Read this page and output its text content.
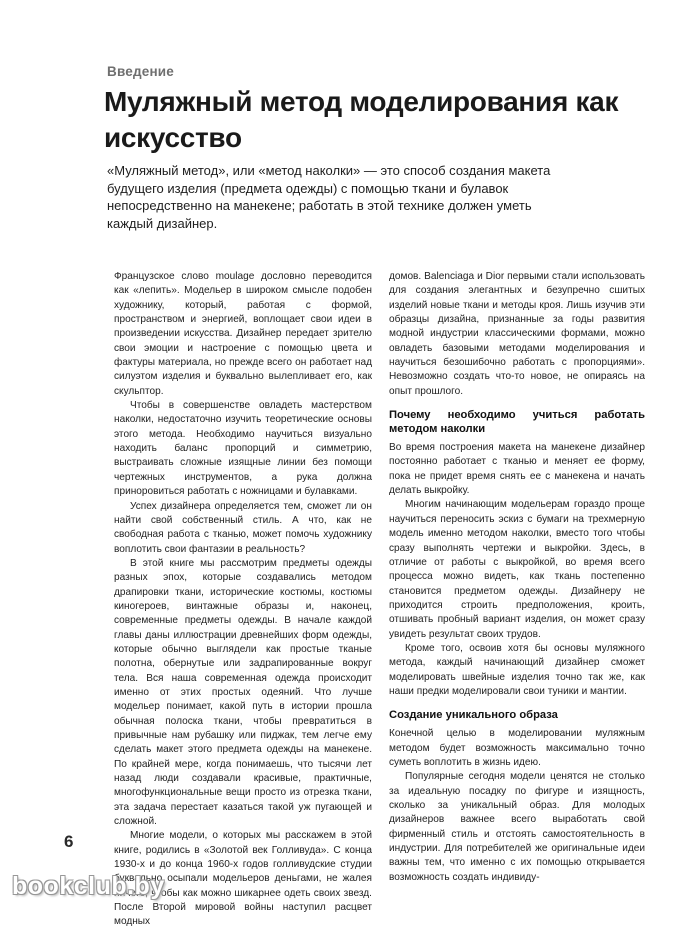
Введение
Муляжный метод моделирования как искусство
«Муляжный метод», или «метод наколки» — это способ создания макета будущего изделия (предмета одежды) с помощью ткани и булавок непосредственно на манекене; работать в этой технике должен уметь каждый дизайнер.

Французское слово moulage дословно переводится как «лепить». Модельер в широком смысле подобен художнику, который, работая с формой, пространством и энергией, воплощает свои идеи в произведении искусства. Дизайнер передает зрителю свои эмоции и настроение с помощью цвета и фактуры материала, но прежде всего он работает над силуэтом изделия и буквально вылепливает его, как скульптор.

Чтобы в совершенстве овладеть мастерством наколки, недостаточно изучить теоретические основы этого метода. Необходимо научиться визуально находить баланс пропорций и симметрию, выстраивать сложные изящные линии без помощи чертежных инструментов, а рука должна приноровиться работать с ножницами и булавками.

Успех дизайнера определяется тем, сможет ли он найти свой собственный стиль. А что, как не свободная работа с тканью, может помочь художнику воплотить свои фантазии в реальность?

В этой книге мы рассмотрим предметы одежды разных эпох, которые создавались методом драпировки ткани, исторические костюмы, костюмы киногероев, винтажные образы и, наконец, современные предметы одежды. В начале каждой главы даны иллюстрации древнейших форм одежды, которые обычно выглядели как простые тканые полотна, обернутые или задрапированные вокруг тела. Вся наша современная одежда происходит именно от этих простых одеяний. Что лучше модельер понимает, какой путь в истории прошла обычная полоска ткани, чтобы превратиться в привычные нам рубашку или пиджак, тем легче ему сделать макет этого предмета одежды на манекене. По крайней мере, когда понимаешь, что тысячи лет назад люди создавали красивые, практичные, многофункциональные вещи просто из отрезка ткани, эта задача перестает казаться такой уж пугающей и сложной.

Многие модели, о которых мы расскажем в этой книге, родились в «Золотой век Голливуда». С конца 1930-х и до конца 1960-х годов голливудские студии буквально осыпали модельеров деньгами, не жалея ничего, чтобы как можно шикарнее одеть своих звезд. После Второй мировой войны наступил расцвет модных

домов. Balenciaga и Dior первыми стали использовать для создания элегантных и безупречно сшитых изделий новые ткани и методы кроя. Лишь изучив эти образцы дизайна, признанные за годы развития модной индустрии классическими формами, можно овладеть базовыми методами моделирования и научиться безошибочно работать с пропорциями». Невозможно создать что-то новое, не опираясь на опыт прошлого.

Почему необходимо учиться работать методом наколки

Во время построения макета на манекене дизайнер постоянно работает с тканью и меняет ее форму, пока не придет время снять ее с манекена и начать делать выкройку.

Многим начинающим модельерам гораздо проще научиться переносить эскиз с бумаги на трехмерную модель именно методом наколки, вместо того чтобы сразу выполнять чертежи и выкройки. Здесь, в отличие от работы с выкройкой, во время всего процесса можно видеть, как ткань постепенно становится предметом одежды. Дизайнеру не приходится строить предположения, кроить, отшивать пробный вариант изделия, он может сразу увидеть результат своих трудов.

Кроме того, освоив хотя бы основы муляжного метода, каждый начинающий дизайнер сможет моделировать швейные изделия точно так же, как наши предки моделировали свои туники и мантии.

Создание уникального образа

Конечной целью в моделировании муляжным методом будет возможность максимально точно суметь воплотить в жизнь идею.

Популярные сегодня модели ценятся не столько за идеальную посадку по фигуре и изящность, сколько за уникальный образ. Для молодых дизайнеров важнее всего выработать свой фирменный стиль и отстоять самостоятельность в индустрии. Для потребителей же оригинальные идеи важны тем, что именно с их помощью открывается возможность создать индивиду-

6
bookclub.by
